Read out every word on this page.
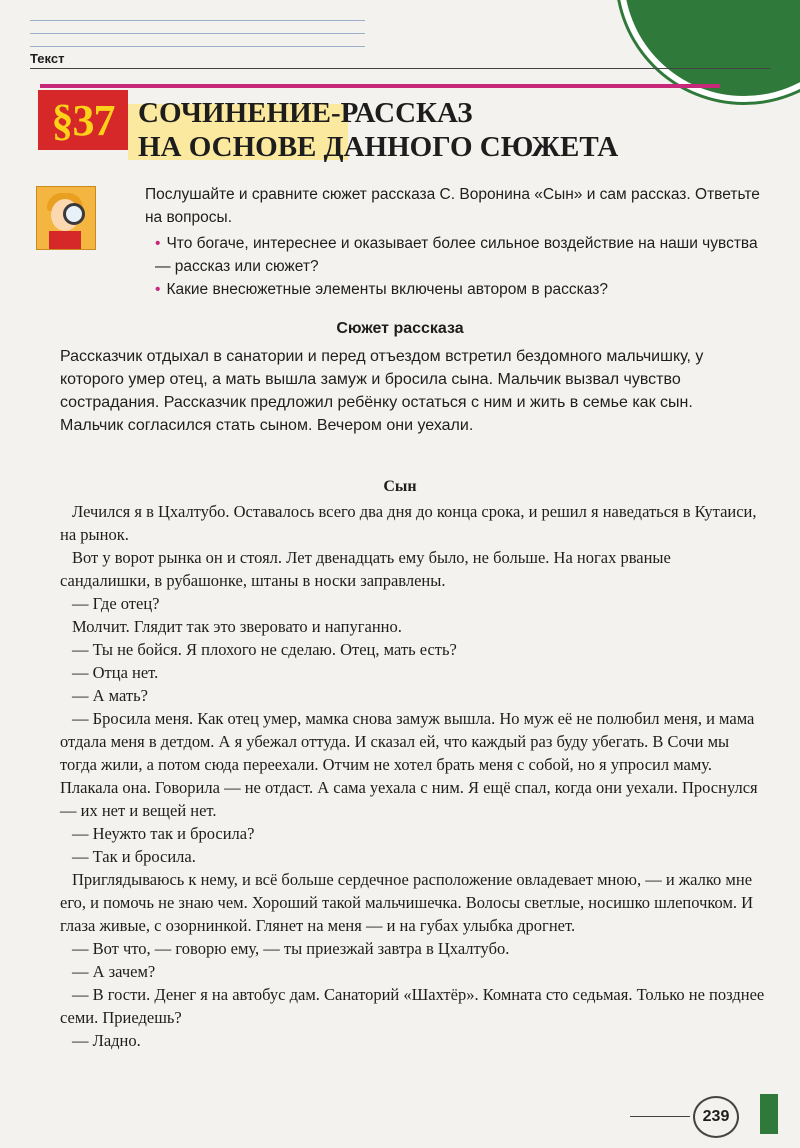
Текст
§37 СОЧИНЕНИЕ-РАССКАЗ
НА ОСНОВЕ ДАННОГО СЮЖЕТА
Послушайте и сравните сюжет рассказа С. Воронина «Сын» и сам рассказ. Ответьте на вопросы.
• Что богаче, интереснее и оказывает более сильное воздействие на наши чувства — рассказ или сюжет?
• Какие внесюжетные элементы включены автором в рассказ?
Сюжет рассказа
Рассказчик отдыхал в санатории и перед отъездом встретил бездомного мальчишку, у которого умер отец, а мать вышла замуж и бросила сына. Мальчик вызвал чувство сострадания. Рассказчик предложил ребёнку остаться с ним и жить в семье как сын. Мальчик согласился стать сыном. Вечером они уехали.
Сын

Лечился я в Цхалтубо. Оставалось всего два дня до конца срока, и решил я наведаться в Кутаиси, на рынок.

Вот у ворот рынка он и стоял. Лет двенадцать ему было, не больше. На ногах рваные сандалишки, в рубашонке, штаны в носки заправлены.

— Где отец?

Молчит. Глядит так это зверовато и напуганно.

— Ты не бойся. Я плохого не сделаю. Отец, мать есть?

— Отца нет.

— А мать?

— Бросила меня. Как отец умер, мамка снова замуж вышла. Но муж её не полюбил меня, и мама отдала меня в детдом. А я убежал оттуда. И сказал ей, что каждый раз буду убегать. В Сочи мы тогда жили, а потом сюда переехали. Отчим не хотел брать меня с собой, но я упросил маму. Плакала она. Говорила — не отдаст. А сама уехала с ним. Я ещё спал, когда они уехали. Проснулся — их нет и вещей нет.

— Неужто так и бросила?

— Так и бросила.

Приглядываюсь к нему, и всё больше сердечное расположение овладевает мною, — и жалко мне его, и помочь не знаю чем. Хороший такой мальчишечка. Волосы светлые, носишко шлепочком. И глаза живые, с озорнинкой. Глянет на меня — и на губах улыбка дрогнет.

— Вот что, — говорю ему, — ты приезжай завтра в Цхалтубо.

— А зачем?

— В гости. Денег я на автобус дам. Санаторий «Шахтёр». Комната сто седьмая. Только не позднее семи. Приедешь?

— Ладно.

239
